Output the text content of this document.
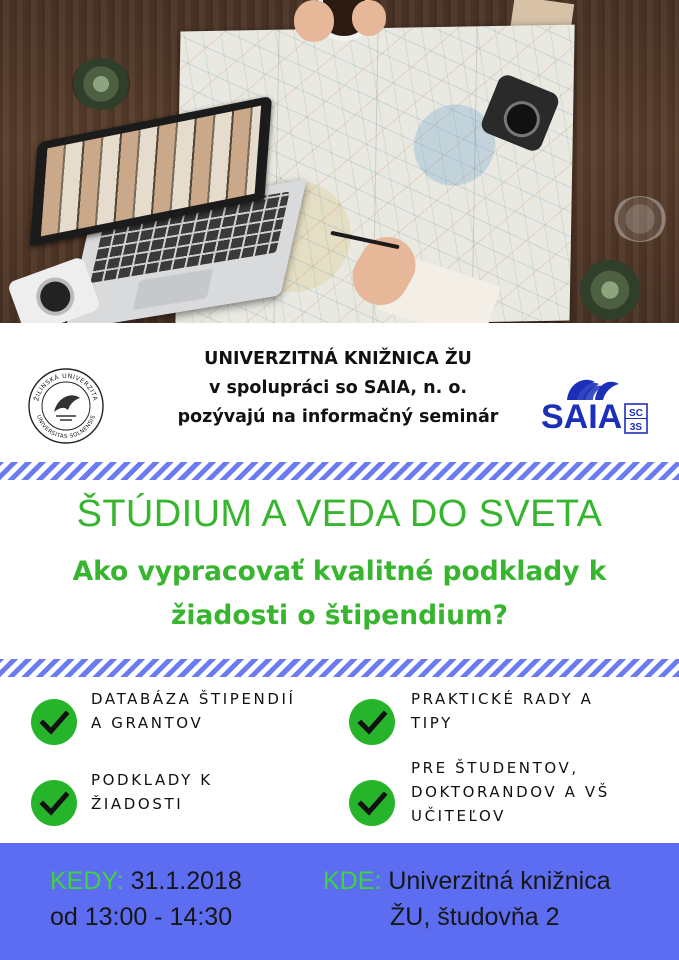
ŽILINSKÁ UNIVERZITA
UNIVERSITAS SOLNENSIS
UNIVERZITNÁ KNIŽNICA ŽU
v spolupráci so SAIA, n. o.
pozývajú na informačný seminár	SAIA SC
3S
ŠTÚDIUM A VEDA DO SVETA
Ako vypracovať kvalitné podklady k
žiadosti o štipendium?
DATABÁZA ŠTIPENDIÍ
A GRANTOV
PRAKTICKÉ RADY A
TIPY
PODKLADY K
ŽIADOSTI
PRE ŠTUDENTOV,
DOKTORANDOV A VŠ
UČITEĽOV
KEDY: 31.1.2018
od 13:00 - 14:30
KDE: Univerzitná knižnica
ŽU, študovňa 2
